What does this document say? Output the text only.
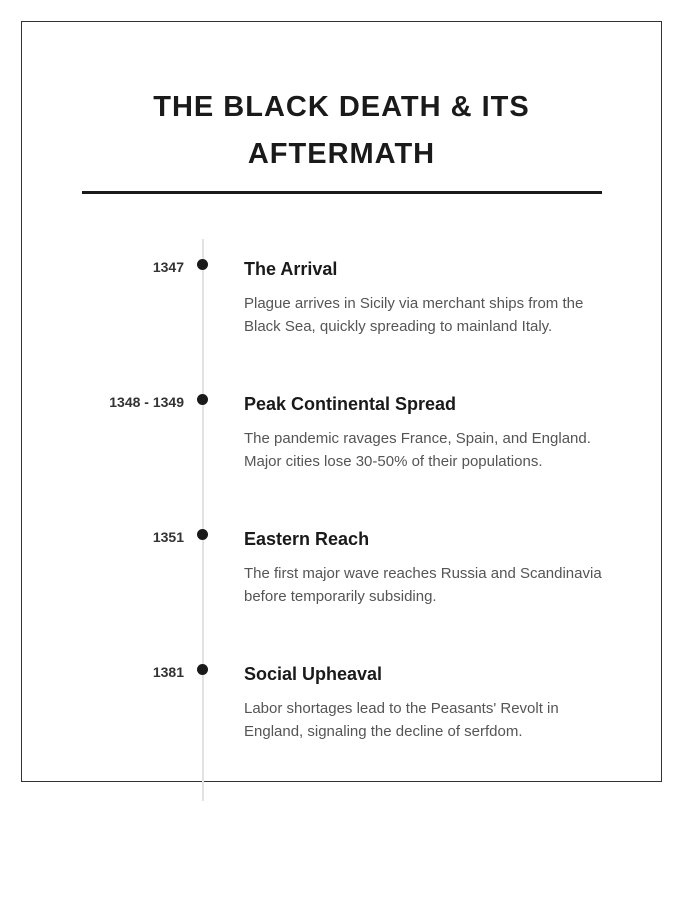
THE BLACK DEATH & ITS
AFTERMATH
1347	The Arrival

Plague arrives in Sicily via merchant ships from the Black Sea, quickly spreading to mainland Italy.

1348 - 1349	Peak Continental Spread

The pandemic ravages France, Spain, and England. Major cities lose 30-50% of their populations.

1351	Eastern Reach

The first major wave reaches Russia and Scandinavia before temporarily subsiding.

1381	Social Upheaval

Labor shortages lead to the Peasants' Revolt in England, signaling the decline of serfdom.
